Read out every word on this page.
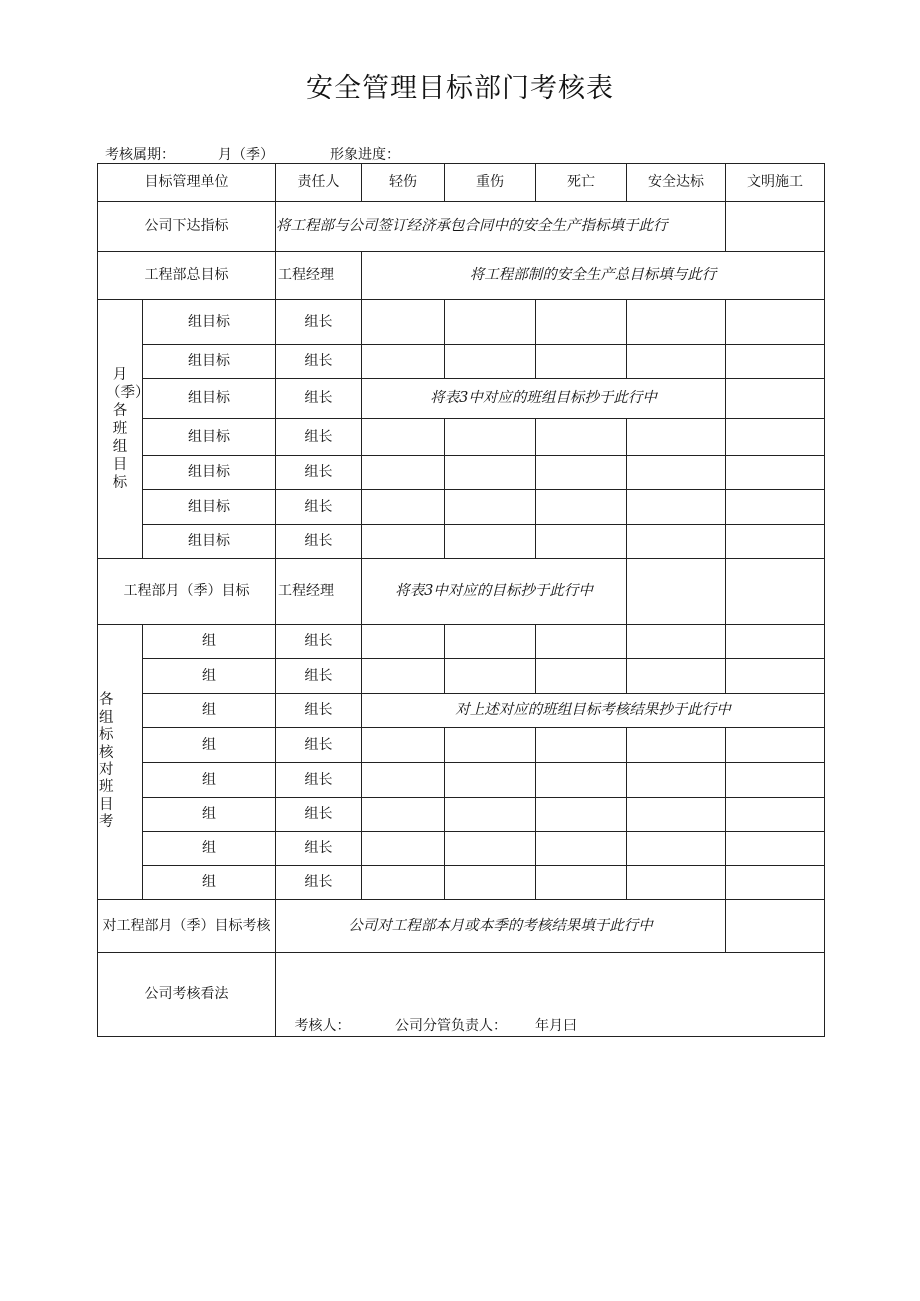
安全管理目标部门考核表
考核属期：	月（季）	形象进度：
目标管理单位		责任人	轻伤	重伤	死亡	安全达标	文明施工
公司下达指标		将工程部与公司签订经济承包合同中的安全生产指标填于此行					
工程部总目标		工程经理	将工程部制的安全生产总目标填与此行				
月（季）各班组目标	组目标	组长					
	组目标	组长					
	组目标	组长	将表3中对应的班组目标抄于此行中				
	组目标	组长					
	组目标	组长					
	组目标	组长					
	组目标	组长					
工程部月（季）目标		工程经理	将表3中对应的目标抄于此行中				
各组标核对班目考	组	组长					
	组	组长					
	组	组长	对上述对应的班组目标考核结果抄于此行中				
	组	组长					
	组	组长					
	组	组长					
	组	组长					
	组	组长					
对工程部月（季）目标考核		公司对工程部本月或本季的考核结果填于此行中					
公司考核看法		考核人： 公司分管负责人： 年月曰					
